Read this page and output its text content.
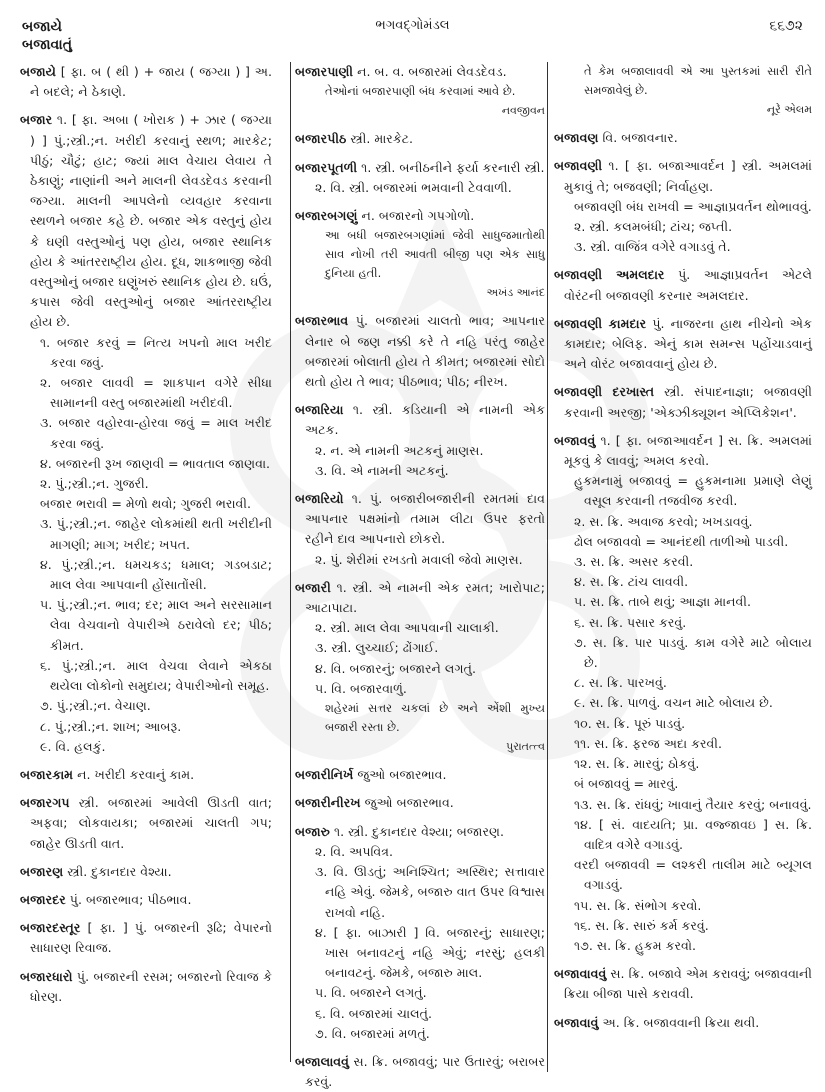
બજાયે
બજાવાતું
ભગવદ્ગોમંડલ	૬૬૭૨
બજાયે [ ફા. બ ( થી ) + જાય ( જગ્યા ) ] અ. ને બદલે; ને ઠેકાણે.
બજાર ૧. [ ફા. અબા ( ખોરાક ) + ઝાર ( જગ્યા ) ] પું.;સ્ત્રી.;ન. ખરીદી કરવાનું સ્થળ; મારકેટ; પીઠું; ચૌટું; હાટ; જ્યાં માલ વેચાય લેવાય તે ઠેકાણું; નાણાંની અને માલની લેવડદેવડ કરવાની જગ્યા. માલની આપલેનો વ્યવહાર કરવાના સ્થળને બજાર કહે છે. બજાર એક વસ્તુનું હોય કે ઘણી વસ્તુઓનું પણ હોય, બજાર સ્થાનિક હોય કે આંતરરાષ્ટ્રીય હોય. દૂધ, શાકભાજી જેવી વસ્તુઓનું બજાર ઘણુંખરું સ્થાનિક હોય છે. ઘઉં, કપાસ જેવી વસ્તુઓનું બજાર આંતરરાષ્ટ્રીય હોય છે.
૧. બજાર કરવું = નિત્ય ખપનો માલ ખરીદ કરવા જવું.
૨. બજાર લાવવી = શાકપાન વગેરે સીધા સામાનની વસ્તુ બજારમાંથી ખરીદવી.
૩. બજાર વહોરવા-હોરવા જવું = માલ ખરીદ કરવા જવું.
૪. બજારની રૂખ જાણવી = ભાવતાલ જાણવા.
૨. પું.;સ્ત્રી.;ન. ગુજરી.
બજાર ભરાવી = મેળો થવો; ગુજરી ભરાવી.
૩. પું.;સ્ત્રી.;ન. જાહેર લોકમાંથી થતી ખરીદીની માગણી; માગ; ખરીદ; ખપત.
૪. પું.;સ્ત્રી.;ન. ધમચકડ; ધમાલ; ગડબડાટ; માલ લેવા આપવાની હોંસાતોંસી.
૫. પું.;સ્ત્રી.;ન. ભાવ; દર; માલ અને સરસામાન લેવા વેચવાનો વેપારીએ ઠરાવેલો દર; પીઠ; કીમત.
૬. પું.;સ્ત્રી.;ન. માલ વેચવા લેવાને એકઠા થયેલા લોકોનો સમુદાય; વેપારીઓનો સમૂહ.
૭. પું.;સ્ત્રી.;ન. વેચાણ.
૮. પું.;સ્ત્રી.;ન. શાખ; આબરૂ.
૯. વિ. હલકું.
બજારકામ ન. ખરીદી કરવાનું કામ.
બજારગપ સ્ત્રી. બજારમાં આવેલી ઊડતી વાત; અફવા; લોકવાયકા; બજારમાં ચાલતી ગપ; જાહેર ઊડતી વાત.
બજારણ સ્ત્રી. દુકાનદાર વેશ્યા.
બજારદર પું. બજારભાવ; પીઠભાવ.
બજારદસ્તૂર [ ફા. ] પું. બજારની રૂઢિ; વેપારનો સાધારણ રિવાજ.
બજારધારો પું. બજારની રસમ; બજારનો રિવાજ કે ધોરણ.
બજારપાણી ન. બ. વ. બજારમાં લેવડદેવડ.
તેઓનાં બજારપાણી બંધ કરવામાં આવે છે.
નવજીવન
બજારપીઠ સ્ત્રી. મારકેટ.
બજારપૂતળી ૧. સ્ત્રી. બનીઠનીને ફર્યા કરનારી સ્ત્રી.
૨. વિ. સ્ત્રી. બજારમાં ભમવાની ટેવવાળી.
બજારબગણું ન. બજારનો ગપગોળો.
આ બધી બજારબગણાંમાં જેવી સાધુજમાતોથી સાવ નોખી તરી આવતી બીજી પણ એક સાધુ દુનિયા હતી.
અખંડ આનંદ
બજારભાવ પું. બજારમાં ચાલતો ભાવ; આપનાર લેનાર બે જણ નક્કી કરે તે નહિ પરંતુ જાહેર બજારમાં બોલાતી હોય તે કીમત; બજારમાં સોદો થતો હોય તે ભાવ; પીઠભાવ; પીઠ; નીરખ.
બજારિયા ૧. સ્ત્રી. કડિયાની એ નામની એક અટક.
૨. ન. એ નામની અટકનું માણસ.
૩. વિ. એ નામની અટકનું.
બજારિયો ૧. પું. બજારીબજારીની રમતમાં દાવ આપનાર પક્ષમાંનો તમામ લીટા ઉપર ફરતો રહીને દાવ આપનારો છોકરો.
૨. પું. શેરીમાં રખડતો મવાલી જેવો માણસ.
બજારી ૧. સ્ત્રી. એ નામની એક રમત; ખારોપાટ; આટાપાટા.
૨. સ્ત્રી. માલ લેવા આપવાની ચાલાકી.
૩. સ્ત્રી. લુચ્ચાઈ; ઢોંગાઈ.
૪. વિ. બજારનું; બજારને લગતું.
૫. વિ. બજારવાળું.
શહેરમાં સત્તર ચકલાં છે અને એંશી મુખ્ય બજારી રસ્તા છે.
પુરાતત્ત્વ
બજારીનિર્ખ જુઓ બજારભાવ.
બજારીનીરખ જુઓ બજારભાવ.
બજારુ ૧. સ્ત્રી. દુકાનદાર વેશ્યા; બજારણ.
૨. વિ. અપવિત્ર.
૩. વિ. ઊડતું; અનિશ્ચિત; અસ્થિર; સત્તાવાર નહિ એવું. જેમકે, બજારુ વાત ઉપર વિશ્વાસ રાખવો નહિ.
૪. [ ફા. બાઝારી ] વિ. બજારનું; સાધારણ; ખાસ બનાવટનું નહિ એવું; નરસું; હલકી બનાવટનું. જેમકે, બજારુ માલ.
૫. વિ. બજારને લગતું.
૬. વિ. બજારમાં ચાલતું.
૭. વિ. બજારમાં મળતું.
બજાલાવવું સ. ક્રિ. બજાવવું; પાર ઉતારવું; બરાબર કરવું.
તે કેમ બજાલાવવી એ આ પુસ્તકમાં સારી રીતે સમજાવેલું છે.
નૂરે એલમ
બજાવણ વિ. બજાવનાર.
બજાવણી ૧. [ ફા. બજાઆવર્દન ] સ્ત્રી. અમલમાં મુકાવું તે; બજવણી; નિર્વાહણ.
બજાવણી બંધ રાખવી = આજ્ઞાપ્રવર્તન થોભાવવું.
૨. સ્ત્રી. કલમબંધી; ટાંચ; જપ્તી.
૩. સ્ત્રી. વાજિંત્ર વગેરે વગાડવું તે.
બજાવણી અમલદાર પું. આજ્ઞાપ્રવર્તન એટલે વોરંટની બજાવણી કરનાર અમલદાર.
બજાવણી કામદાર પું. નાજરના હાથ નીચેનો એક કામદાર; બેલિફ. એનું કામ સમન્સ પહોંચાડવાનું અને વોરંટ બજાવવાનું હોય છે.
બજાવણી દરખાસ્ત સ્ત્રી. સંપાદનાજ્ઞા; બજાવણી કરવાની અરજી; 'એક્ઝીક્યૂશન એપ્લિકેશન'.
બજાવવું ૧. [ ફા. બજાઆવર્દન ] સ. ક્રિ. અમલમાં મૂકવું કે લાવવું; અમલ કરવો.
હુકમનામું બજાવવું = હુકમનામા પ્રમાણે લેણું વસૂલ કરવાની તજવીજ કરવી.
૨. સ. ક્રિ. અવાજ કરવો; ખખડાવવું.
ઢોલ બજાવવો = આનંદથી તાળીઓ પાડવી.
૩. સ. ક્રિ. અસર કરવી.
૪. સ. ક્રિ. ટાંચ લાવવી.
૫. સ. ક્રિ. તાબે થવું; આજ્ઞા માનવી.
૬. સ. ક્રિ. પસાર કરવું.
૭. સ. ક્રિ. પાર પાડવું. કામ વગેરે માટે બોલાય છે.
૮. સ. ક્રિ. પારખવું.
૯. સ. ક્રિ. પાળવું. વચન માટે બોલાય છે.
૧૦. સ. ક્રિ. પૂરું પાડવું.
૧૧. સ. ક્રિ. ફરજ અદા કરવી.
૧૨. સ. ક્રિ. મારવું; ઠોકવું.
બં બજાવવું = મારવું.
૧૩. સ. ક્રિ. રાંધવું; ખાવાનું તૈયાર કરવું; બનાવવું.
૧૪. [ સં. વાદયતિ; પ્રા. વજ્જાવઇ ] સ. ક્રિ. વાદિત્ર વગેરે વગાડવું.
વરદી બજાવવી = લશ્કરી તાલીમ માટે બ્યૂગલ વગાડવું.
૧૫. સ. ક્રિ. સંભોગ કરવો.
૧૬. સ. ક્રિ. સારું કર્મ કરવું.
૧૭. સ. ક્રિ. હુકમ કરવો.
બજાવાવવું સ. ક્રિ. બજાવે એમ કરાવવું; બજાવવાની ક્રિયા બીજા પાસે કરાવવી.
બજાવાવું અ. ક્રિ. બજાવવાની ક્રિયા થવી.
